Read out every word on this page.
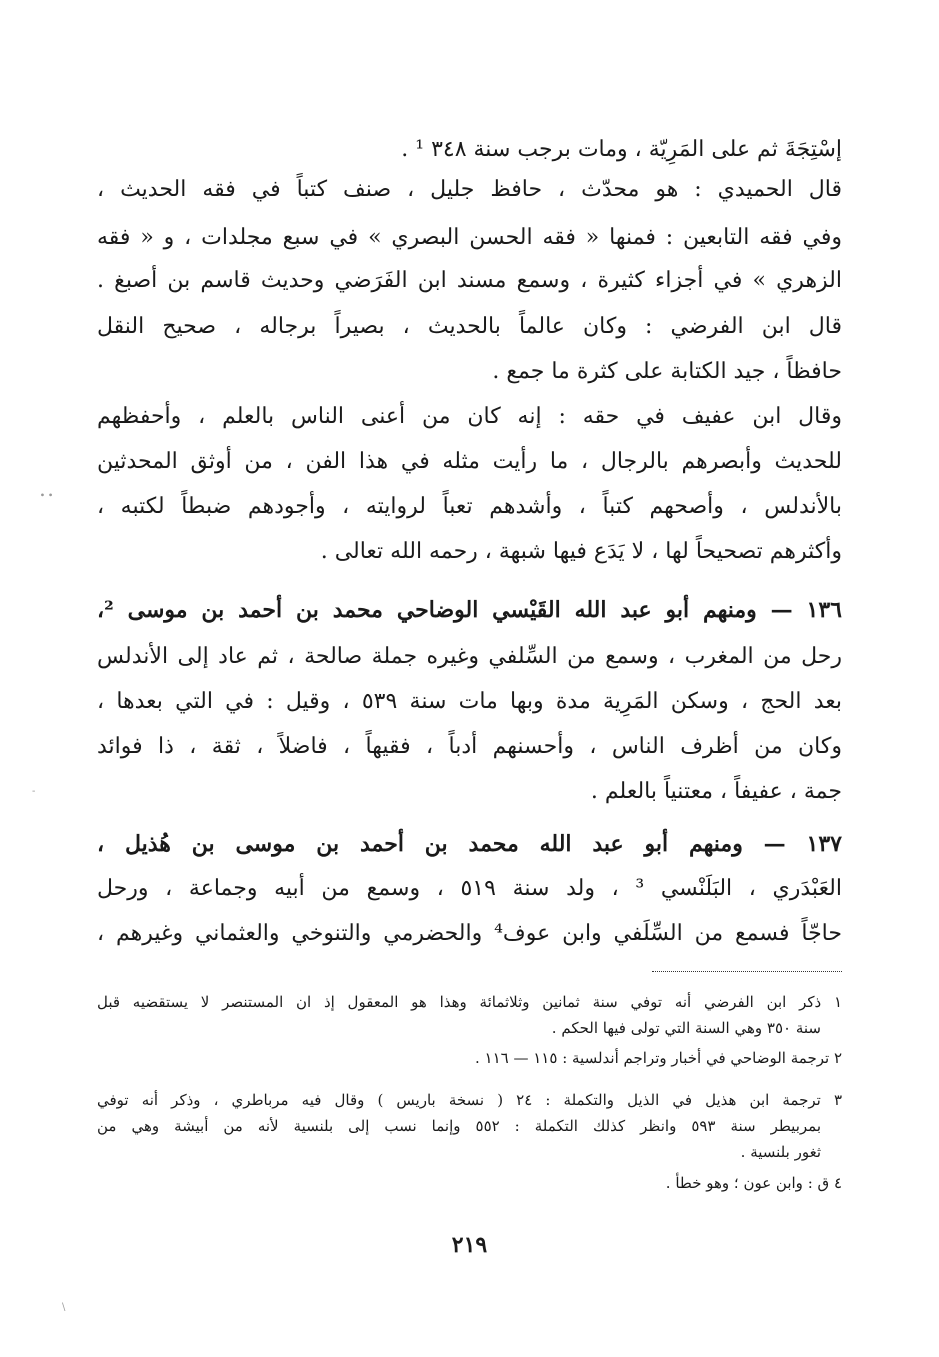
إسْتِجَةَ ثم على المَرِيّة ، ومات برجب سنة ٣٤٨ ¹ .
قال الحميدي : هو محدّث ، حافظ جليل ، صنف كتباً في فقه الحديث ،
وفي فقه التابعين : فمنها « فقه الحسن البصري » في سبع مجلدات ، و « فقه
الزهري » في أجزاء كثيرة ، وسمع مسند ابن الفَرَضي وحديث قاسم بن أصبغ .
قال ابن الفرضي : وكان عالماً بالحديث ، بصيراً برجاله ، صحيح النقل
حافظاً ، جيد الكتابة على كثرة ما جمع .
وقال ابن عفيف في حقه : إنه كان من أعنى الناس بالعلم ، وأحفظهم
للحديث وأبصرهم بالرجال ، ما رأيت مثله في هذا الفن ، من أوثق المحدثين
بالأندلس ، وأصحهم كتباً ، وأشدهم تعباً لروايته ، وأجودهم ضبطاً لكتبه ،
وأكثرهم تصحيحاً لها ، لا يَدَع فيها شبهة ، رحمه الله تعالى .
١٣٦ — ومنهم أبو عبد الله القَيْسي الوضاحي محمد بن أحمد بن موسى ²،
رحل من المغرب ، وسمع من السِّلفي وغيره جملة صالحة ، ثم عاد إلى الأندلس
بعد الحج ، وسكن المَرِية مدة وبها مات سنة ٥٣٩ ، وقيل : في التي بعدها ،
وكان من أظرف الناس ، وأحسنهم أدباً ، فقيهاً ، فاضلاً ، ثقة ، ذا فوائد
جمة ، عفيفاً ، معتنياً بالعلم .
١٣٧ — ومنهم أبو عبد الله محمد بن أحمد بن موسى بن هُذيل ،
العَبْدَري ، البَلَنْسي ³ ، ولد سنة ٥١٩ ، وسمع من أبيه وجماعة ، ورحل
حاجّاً فسمع من السِّلَفي وابن عوف⁴ والحضرمي والتنوخي والعثماني وغيرهم ،
١ ذكر ابن الفرضي أنه توفي سنة ثمانين وثلاثمائة وهذا هو المعقول إذ ان المستنصر لا يستقضيه قبل
سنة ٣٥٠ وهي السنة التي تولى فيها الحكم .
٢ ترجمة الوضاحي في أخبار وتراجم أندلسية : ١١٥ — ١١٦ .
٣ ترجمة ابن هذيل في الذيل والتكملة : ٢٤ ( نسخة باريس ) وقال فيه مرباطري ، وذكر أنه توفي
بمربيطر سنة ٥٩٣ وانظر كذلك التكملة : ٥٥٢ وإنما نسب إلى بلنسية لأنه من أبيشة وهي من
ثغور بلنسية .
٤ ق : وابن عون ؛ وهو خطأ .
٢١٩
∙ ∙
-
\
